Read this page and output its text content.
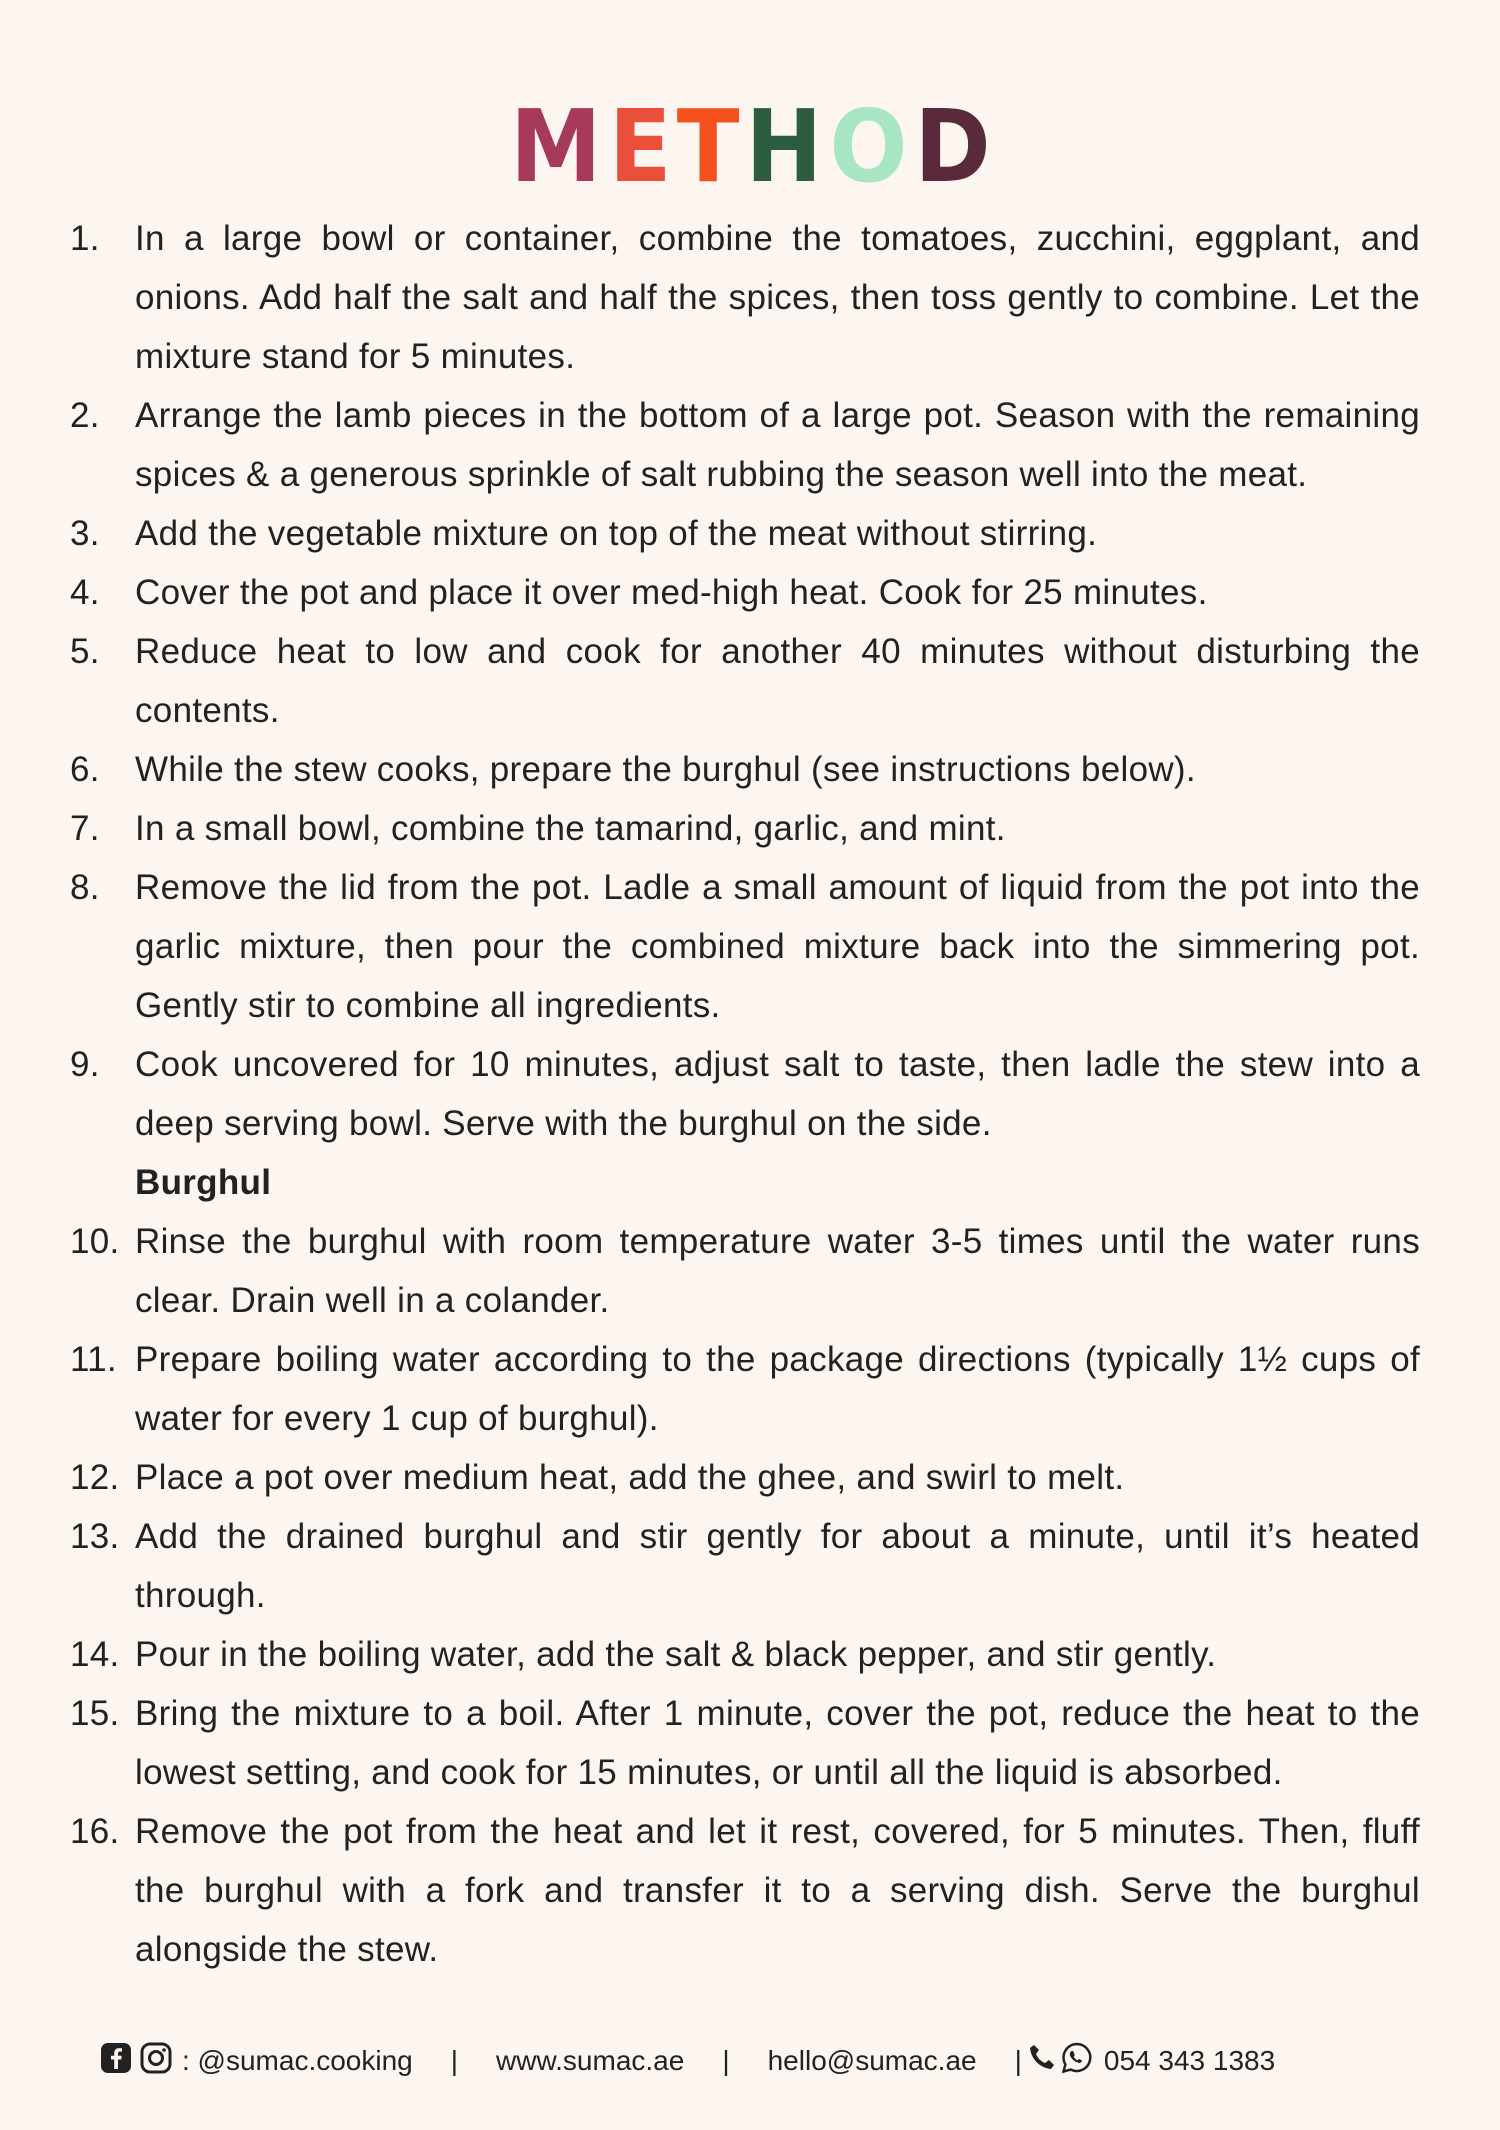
METHOD
1.	In a large bowl or container, combine the tomatoes, zucchini, eggplant, and onions. Add half the salt and half the spices, then toss gently to combine. Let the mixture stand for 5 minutes.
2.	Arrange the lamb pieces in the bottom of a large pot. Season with the remaining spices & a generous sprinkle of salt rubbing the season well into the meat.
3.	Add the vegetable mixture on top of the meat without stirring.
4.	Cover the pot and place it over med-high heat. Cook for 25 minutes.
5.	Reduce heat to low and cook for another 40 minutes without disturbing the contents.
6.	While the stew cooks, prepare the burghul (see instructions below).
7.	In a small bowl, combine the tamarind, garlic, and mint.
8.	Remove the lid from the pot. Ladle a small amount of liquid from the pot into the garlic mixture, then pour the combined mixture back into the simmering pot. Gently stir to combine all ingredients.
9.	Cook uncovered for 10 minutes, adjust salt to taste, then ladle the stew into a deep serving bowl. Serve with the burghul on the side.
Burghul
10. Rinse the burghul with room temperature water 3-5 times until the water runs clear. Drain well in a colander.
11. Prepare boiling water according to the package directions (typically 1½ cups of water for every 1 cup of burghul).
12. Place a pot over medium heat, add the ghee, and swirl to melt.
13. Add the drained burghul and stir gently for about a minute, until it’s heated through.
14. Pour in the boiling water, add the salt & black pepper, and stir gently.
15. Bring the mixture to a boil. After 1 minute, cover the pot, reduce the heat to the lowest setting, and cook for 15 minutes, or until all the liquid is absorbed.
16. Remove the pot from the heat and let it rest, covered, for 5 minutes. Then, fluff the burghul with a fork and transfer it to a serving dish. Serve the burghul alongside the stew.
: @sumac.cooking | www.sumac.ae | hello@sumac.ae |	054 343 1383
